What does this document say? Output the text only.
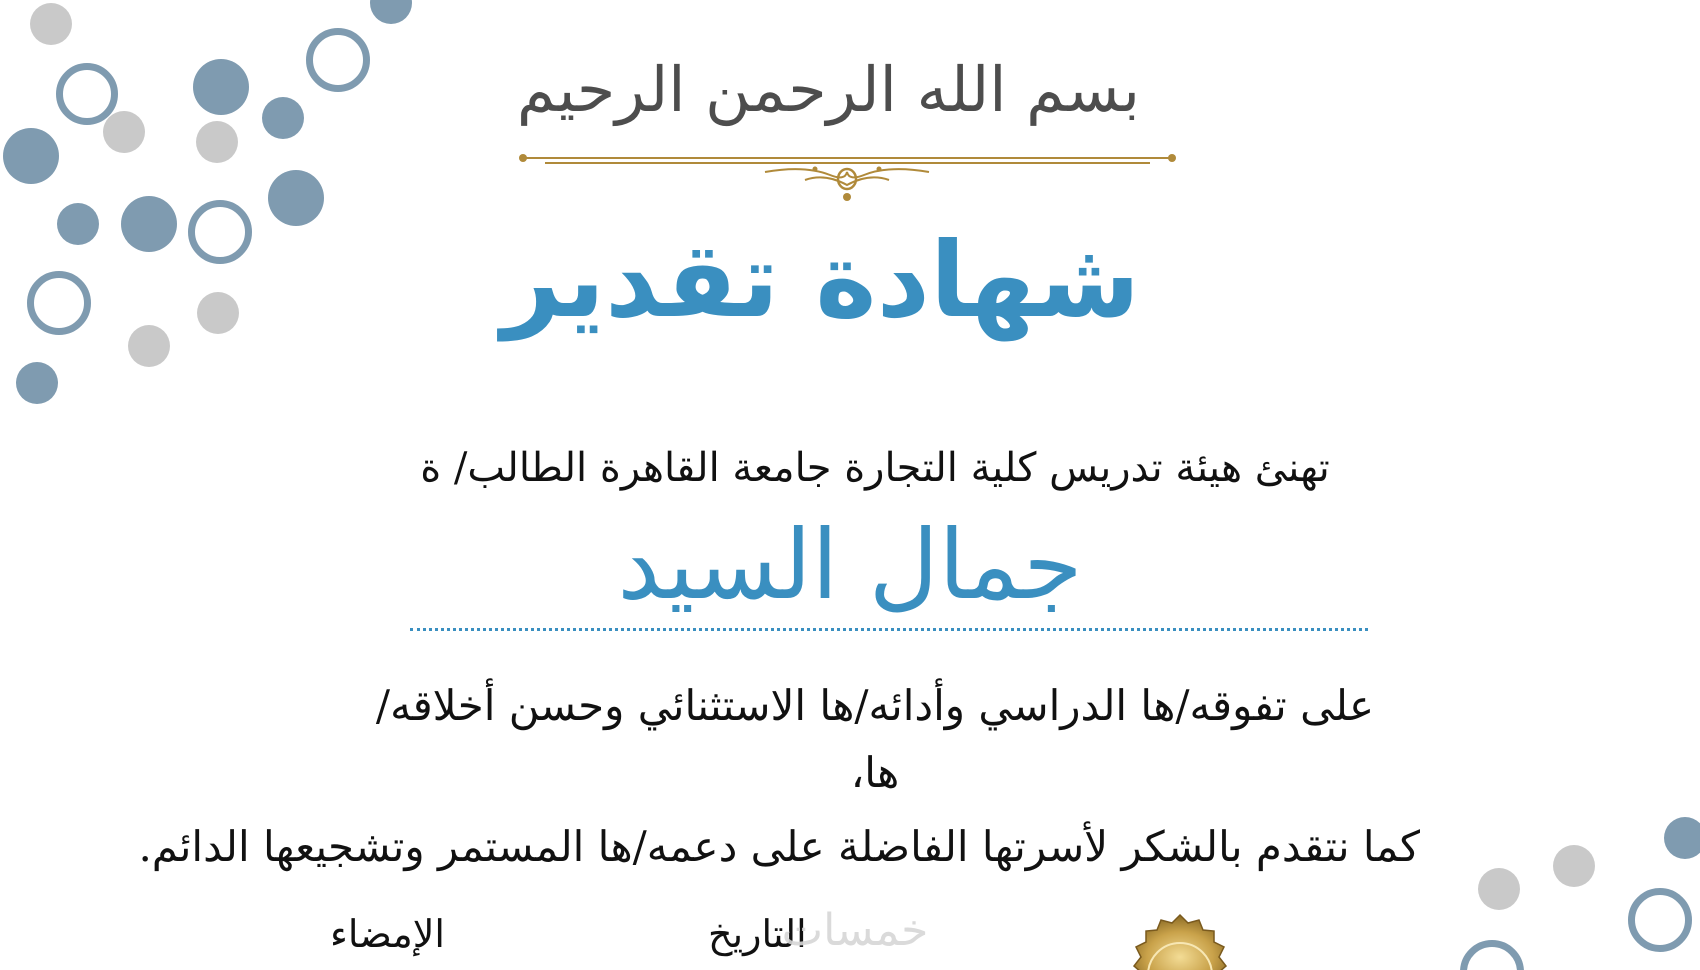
بسم الله الرحمن الرحيم
شهادة تقدير
تهنئ هيئة تدريس كلية التجارة جامعة القاهرة الطالب/ ة
جمال السيد
على تفوقه/ها الدراسي وأدائه/ها الاستثنائي وحسن أخلاقه/
ها،
كما نتقدم بالشكر لأسرتها الفاضلة على دعمه/ها المستمر وتشجيعها الدائم.
الإمضاء	التاريخ
خمسات
